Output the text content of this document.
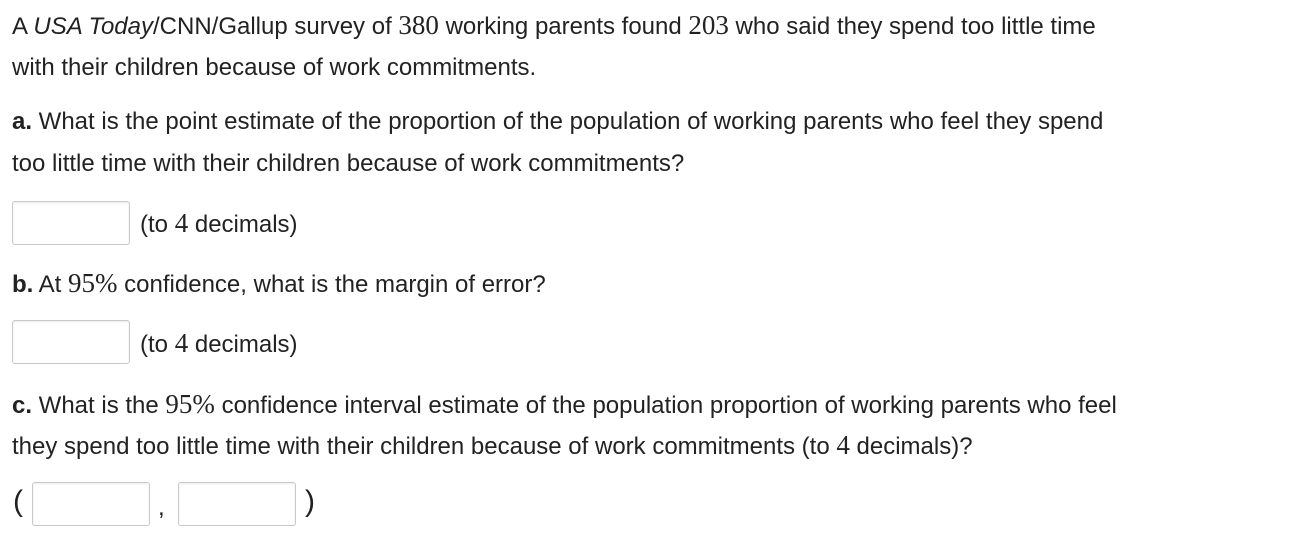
A USA Today/CNN/Gallup survey of 380 working parents found 203 who said they spend too little time
with their children because of work commitments.
a. What is the point estimate of the proportion of the population of working parents who feel they spend
too little time with their children because of work commitments?
(to 4 decimals)
b. At 95% confidence, what is the margin of error?
(to 4 decimals)
c. What is the 95% confidence interval estimate of the population proportion of working parents who feel
they spend too little time with their children because of work commitments (to 4 decimals)?
(	,	)
